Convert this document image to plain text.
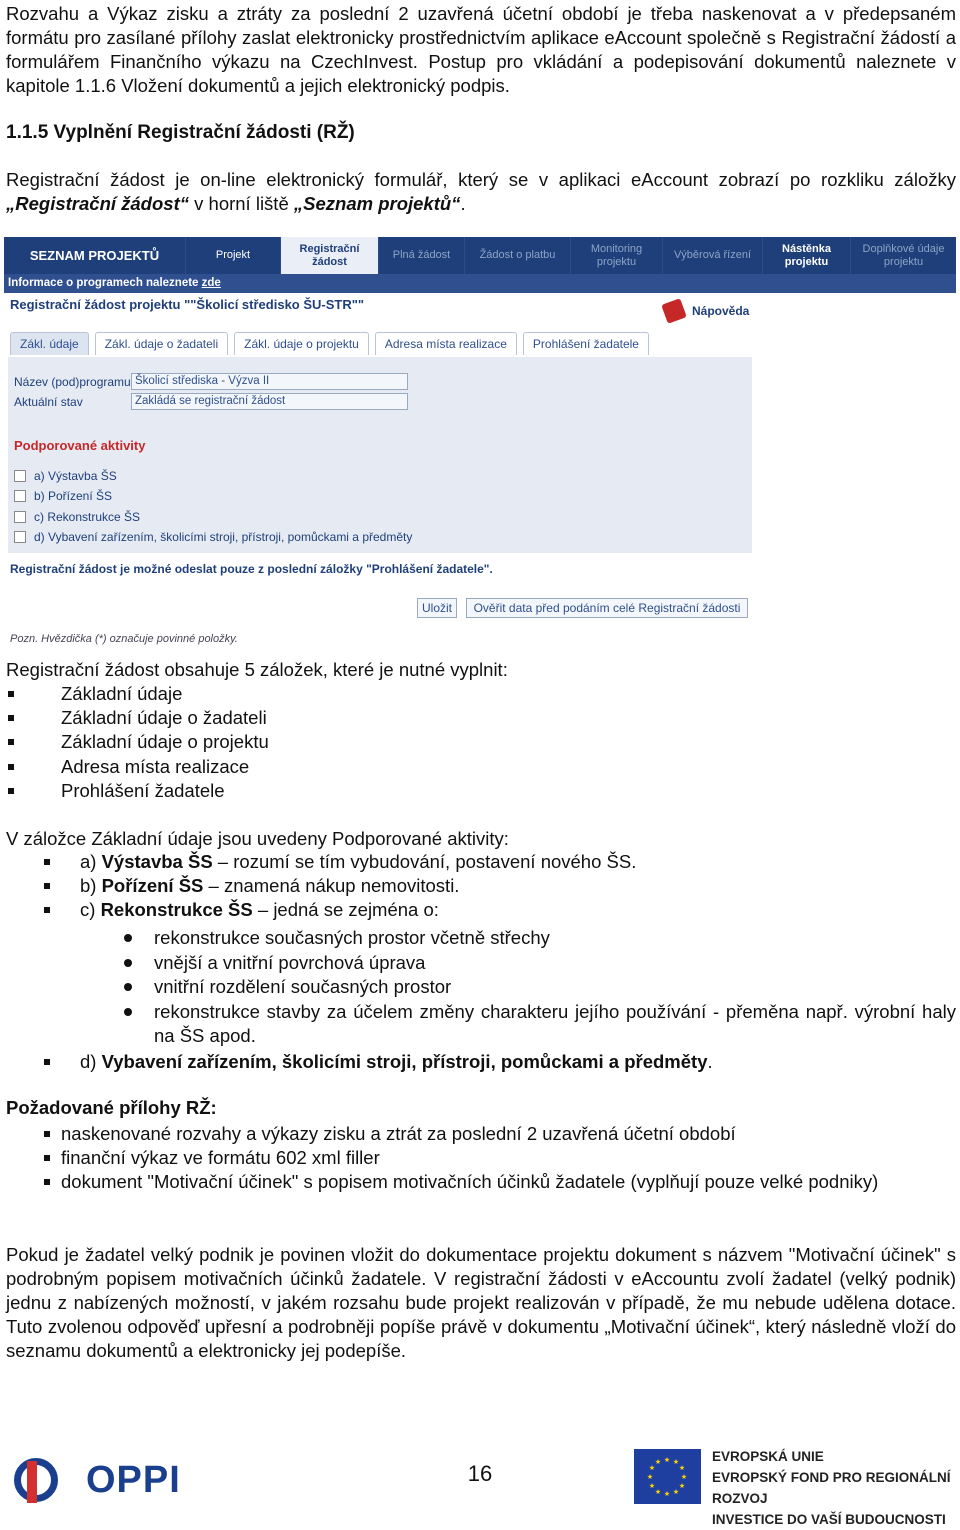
Rozvahu a Výkaz zisku a ztráty za poslední 2 uzavřená účetní období je třeba naskenovat a v předepsaném formátu pro zasílané přílohy zaslat elektronicky prostřednictvím aplikace eAccount společně s Registrační žádostí a formulářem Finančního výkazu na CzechInvest. Postup pro vkládání a podepisování dokumentů naleznete v kapitole 1.1.6 Vložení dokumentů a jejich elektronický podpis.

1.1.5 Vyplnění Registrační žádosti (RŽ)

Registrační žádost je on-line elektronický formulář, který se v aplikaci eAccount zobrazí po rozkliku záložky „Registrační žádost“ v horní liště „Seznam projektů“.

SEZNAM PROJEKTŮ	Projekt
Registrační žádost
Plná žádost	Žádost o platbu
Monitoring projektu
Výběrová řízení
Nástěnka projektu
Doplňkové údaje projektu
Informace o programech naleznete zde
Registrační žádost projektu ""Školicí středisko ŠU-STR""	Nápověda
Zákl. údaje	Zákl. údaje o žadateli	Zákl. údaje o projektu	Adresa místa realizace	Prohlášení žadatele
Název (pod)programu Školicí střediska - Výzva II
Aktuální stav	Zakládá se registrační žádost
Podporované aktivity
a) Výstavba ŠS
b) Pořízení ŠS
c) Rekonstrukce ŠS
d) Vybavení zařízením, školicími stroji, přístroji, pomůckami a předměty
Registrační žádost je možné odeslat pouze z poslední záložky "Prohlášení žadatele".
Uložit	Ověřit data před podáním celé Registrační žádosti
Pozn. Hvězdička (*) označuje povinné položky.

Registrační žádost obsahuje 5 záložek, které je nutné vyplnit:

Základní údaje
Základní údaje o žadateli
Základní údaje o projektu
Adresa místa realizace
Prohlášení žadatele

V záložce Základní údaje jsou uvedeny Podporované aktivity:

a) Výstavba ŠS – rozumí se tím vybudování, postavení nového ŠS.
b) Pořízení ŠS – znamená nákup nemovitosti.
c) Rekonstrukce ŠS – jedná se zejména o:
rekonstrukce současných prostor včetně střechy
vnější a vnitřní povrchová úprava
vnitřní rozdělení současných prostor
rekonstrukce stavby za účelem změny charakteru jejího používání - přeměna např. výrobní haly na ŠS apod.
d) Vybavení zařízením, školicími stroji, přístroji, pomůckami a předměty.
Požadované přílohy RŽ:
naskenované rozvahy a výkazy zisku a ztrát za poslední 2 uzavřená účetní období
finanční výkaz ve formátu 602 xml filler
dokument "Motivační účinek" s popisem motivačních účinků žadatele (vyplňují pouze velké podniky)

Pokud je žadatel velký podnik je povinen vložit do dokumentace projektu dokument s názvem "Motivační účinek" s podrobným popisem motivačních účinků žadatele. V registrační žádosti v eAccountu zvolí žadatel (velký podnik) jednu z nabízených možností, v jakém rozsahu bude projekt realizován v případě, že mu nebude udělena dotace. Tuto zvolenou odpověď upřesní a podrobněji popíše právě v dokumentu „Motivační účinek“, který následně vloží do seznamu dokumentů a elektronicky jej podepíše.

OPPI	16
★ ★
★
★
★
★
★
★
★
★
★
★	EVROPSKÁ UNIE
EVROPSKÝ FOND PRO REGIONÁLNÍ ROZVOJ
INVESTICE DO VAŠÍ BUDOUCNOSTI
